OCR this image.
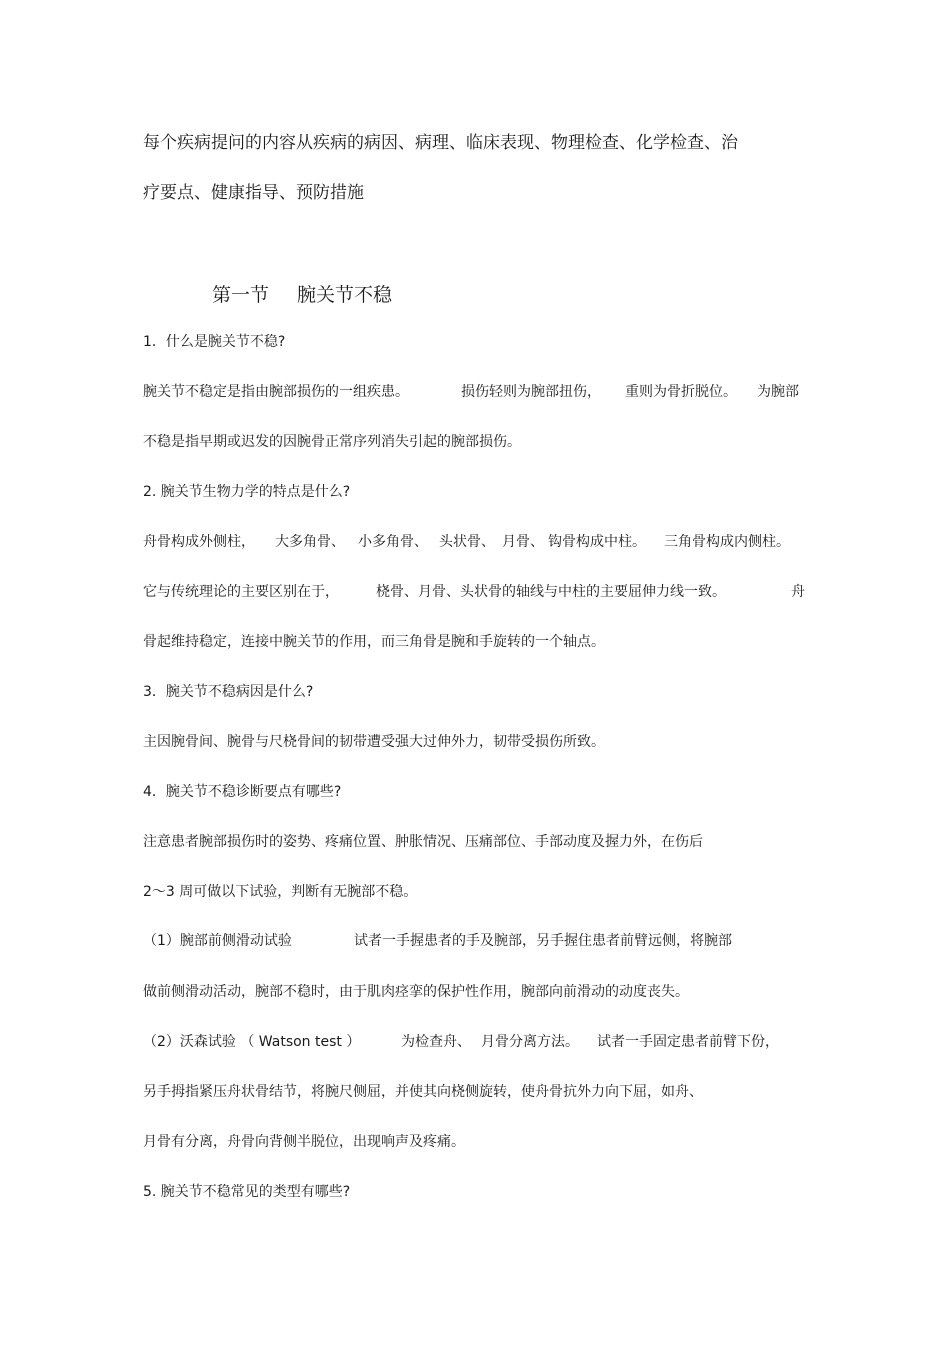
每个疾病提问的内容从疾病的病因、病理、临床表现、物理检查、化学检查、治
疗要点、健康指导、预防措施
第一节 腕关节不稳
1．什么是腕关节不稳?
腕关节不稳定是指由腕部损伤的一组疾患。	损伤轻则为腕部扭伤， 重则为骨折脱位。 为腕部
不稳是指早期或迟发的因腕骨正常序列消失引起的腕部损伤。
2. 腕关节生物力学的特点是什么?
舟骨构成外侧柱， 大多角骨、 小多角骨、 头状骨、 月骨、 钩骨构成中柱。 三角骨构成内侧柱。
它与传统理论的主要区别在于，	桡骨、月骨、头状骨的轴线与中柱的主要屈伸力线一致。	舟
骨起维持稳定，连接中腕关节的作用，而三角骨是腕和手旋转的一个轴点。
3．腕关节不稳病因是什么?
主因腕骨间、腕骨与尺桡骨间的韧带遭受强大过伸外力，韧带受损伤所致。
4．腕关节不稳诊断要点有哪些?
注意患者腕部损伤时的姿势、疼痛位置、肿胀情况、压痛部位、手部动度及握力外，在伤后
2～3 周可做以下试验，判断有无腕部不稳。
（1）腕部前侧滑动试验	试者一手握患者的手及腕部，另手握住患者前臂远侧，将腕部
做前侧滑动活动，腕部不稳时，由于肌肉痉挛的保护性作用，腕部向前滑动的动度丧失。
（2）沃森试验 （ Watson test ）	为检查舟、 月骨分离方法。 试者一手固定患者前臂下份，
另手拇指紧压舟状骨结节，将腕尺侧屈，并使其向桡侧旋转，使舟骨抗外力向下屈，如舟、
月骨有分离，舟骨向背侧半脱位，出现响声及疼痛。
5. 腕关节不稳常见的类型有哪些?
